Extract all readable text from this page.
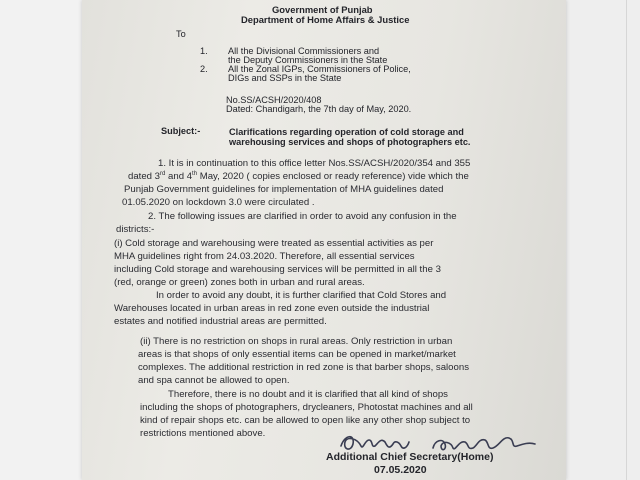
Government of Punjab
Department of Home Affairs & Justice
To
1. All the Divisional Commissioners and
the Deputy Commissioners in the State
2. All the Zonal IGPs, Commissioners of Police,
DIGs and SSPs in the State
No.SS/ACSH/2020/408
Dated: Chandigarh, the 7th day of May, 2020.
Subject:-	Clarifications regarding operation of cold storage and
warehousing services and shops of photographers etc.
1. It is in continuation to this office letter Nos.SS/ACSH/2020/354 and 355
dated 3rd and 4th May, 2020 ( copies enclosed or ready reference) vide which the
Punjab Government guidelines for implementation of MHA guidelines dated
01.05.2020 on lockdown 3.0 were circulated .
2. The following issues are clarified in order to avoid any confusion in the
districts:-
(i) Cold storage and warehousing were treated as essential activities as per
MHA guidelines right from 24.03.2020. Therefore, all essential services
including Cold storage and warehousing services will be permitted in all the 3
(red, orange or green) zones both in urban and rural areas.
In order to avoid any doubt, it is further clarified that Cold Stores and
Warehouses located in urban areas in red zone even outside the industrial
estates and notified industrial areas are permitted.
(ii) There is no restriction on shops in rural areas. Only restriction in urban
areas is that shops of only essential items can be opened in market/market
complexes. The additional restriction in red zone is that barber shops, saloons
and spa cannot be allowed to open.
Therefore, there is no doubt and it is clarified that all kind of shops
including the shops of photographers, drycleaners, Photostat machines and all
kind of repair shops etc. can be allowed to open like any other shop subject to
restrictions mentioned above.
Additional Chief Secretary(Home)
07.05.2020
